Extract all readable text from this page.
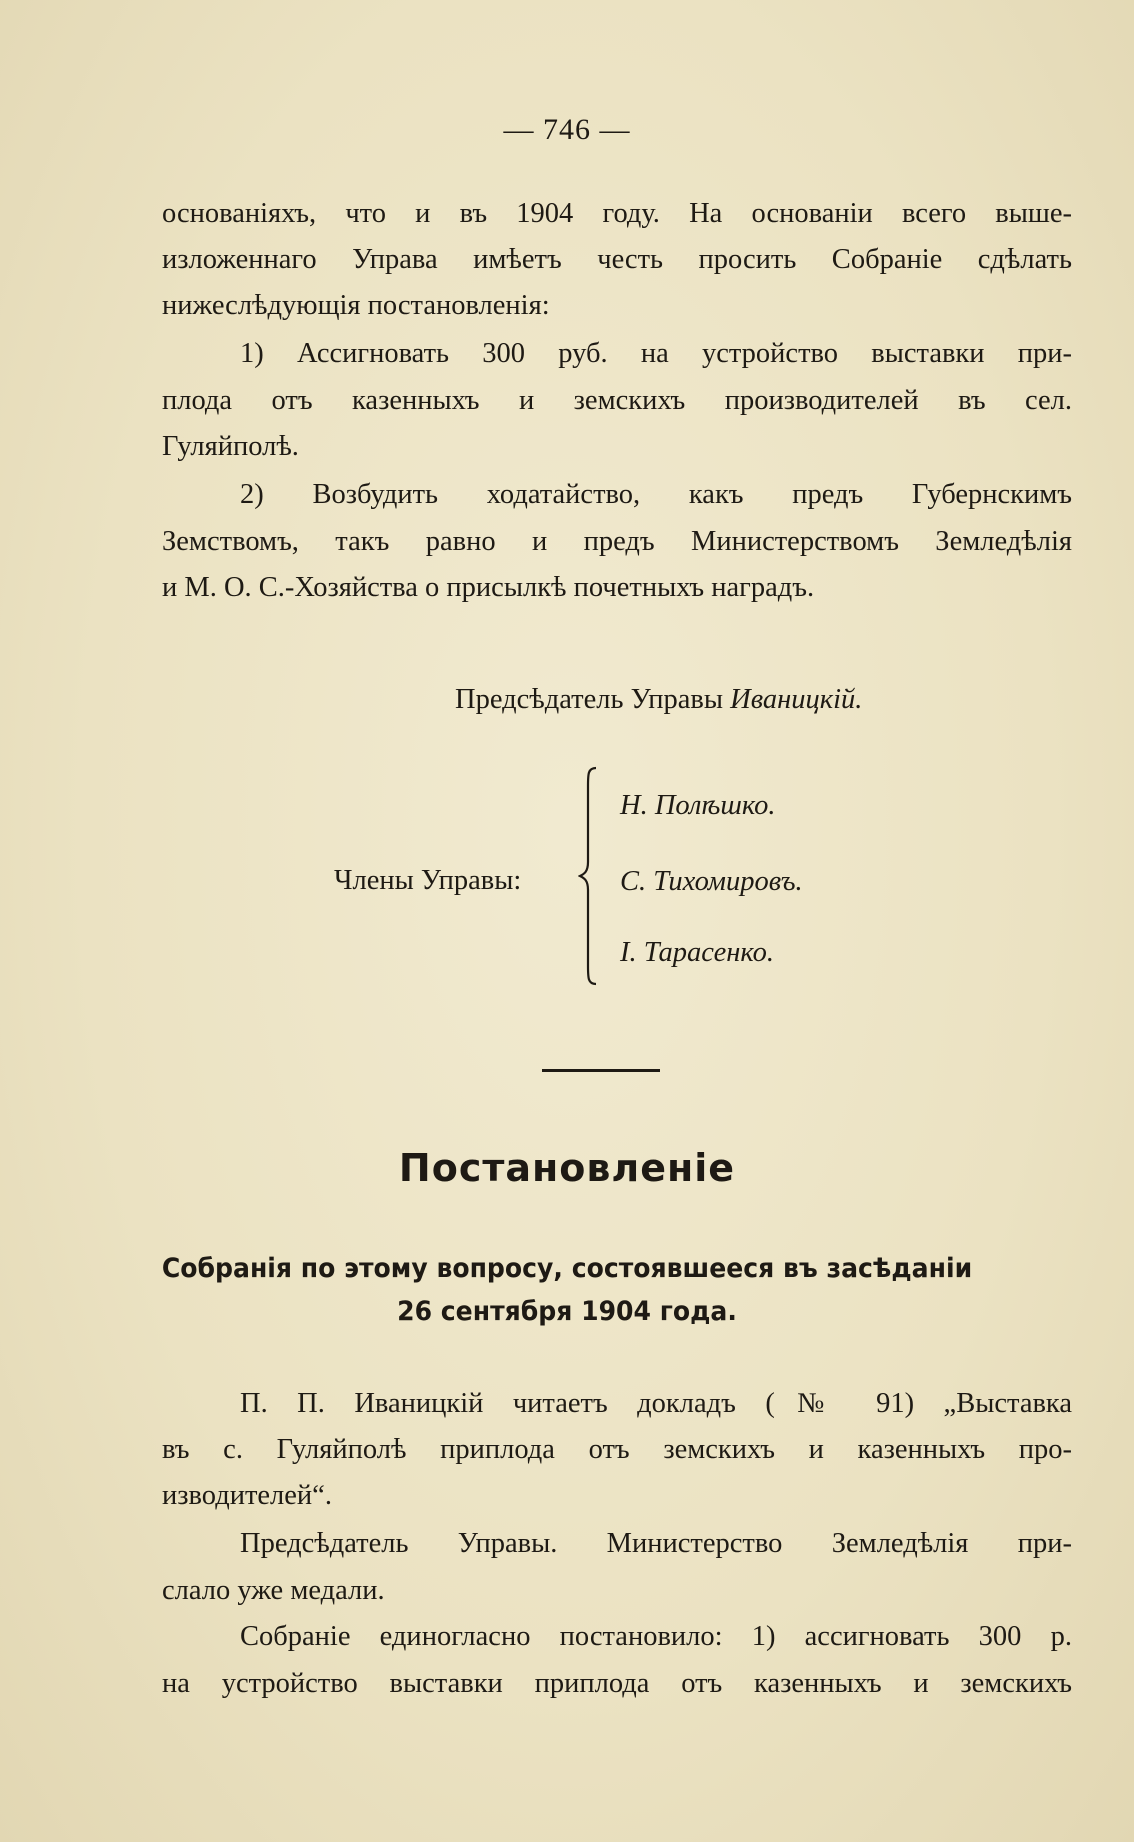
— 746 —
основаніяхъ, что и въ 1904 году. На основаніи всего выше-
изложеннаго Управа имѣетъ честь просить Собраніе сдѣлать
нижеслѣдующія постановленія:
1) Ассигновать 300 руб. на устройство выставки при-
плода отъ казенныхъ и земскихъ производителей въ сел.
Гуляйполѣ.
2) Возбудить ходатайство, какъ предъ Губернскимъ
Земствомъ, такъ равно и предъ Министерствомъ Земледѣлія
и М. О. С.-Хозяйства о присылкѣ почетныхъ наградъ.
Предсѣдатель Управы Иваницкій.
Члены Управы:
Н. Полѣшко.
С. Тихомировъ.
I. Тарасенко.
Постановленіе
Собранія по этому вопросу, состоявшееся въ засѣданіи
26 сентября 1904 года.
П. П. Иваницкій читаетъ докладъ (№ 91) „Выставка
въ с. Гуляйполѣ приплода отъ земскихъ и казенныхъ про-
изводителей“.
Предсѣдатель Управы. Министерство Земледѣлія при-
слало уже медали.
Собраніе единогласно постановило: 1) ассигновать 300 р.
на устройство выставки приплода отъ казенныхъ и земскихъ
